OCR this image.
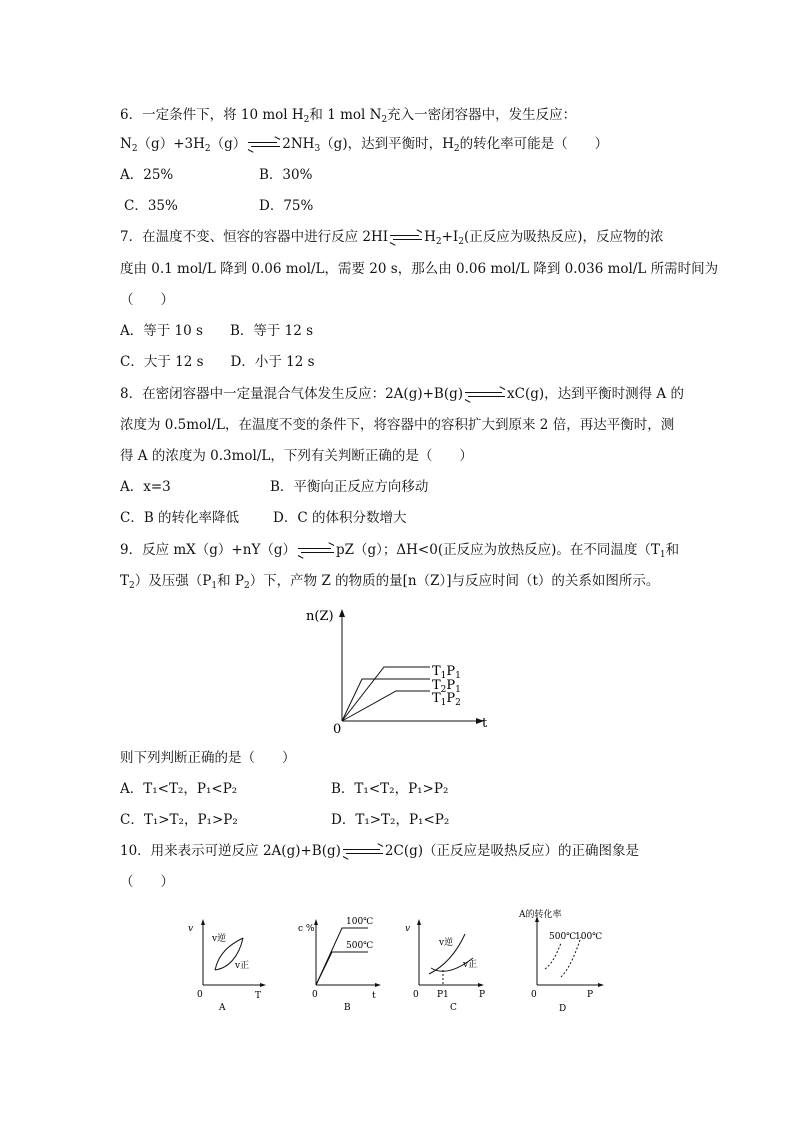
6．一定条件下，将 10 mol $H_2$和 1 mol $N_2$充入一密闭容器中，发生反应：
$N_2(g)+3H_2(g)$	$2NH_3(g)$，达到平衡时，$H_2$的转化率可能是（　　）
A．25%	B．30%
C．35%	D．75%
7．在温度不变、恒容的容器中进行反应 2HI	$H_2+I_2$(正反应为吸热反应)，反应物的浓
度由 0.1 mol/L 降到 0.06 mol/L，需要 20 s，那么由 0.06 mol/L 降到 0.036 mol/L 所需时间为
（　　）
A．等于 10 s　　B．等于 12 s
C．大于 12 s　　D．小于 12 s
8．在密闭容器中一定量混合气体发生反应：2A(g)+B(g)	xC(g)，达到平衡时测得 A 的
浓度为 0.5mol/L，在温度不变的条件下，将容器中的容积扩大到原来 2 倍，再达平衡时，测
得 A 的浓度为 0.3mol/L，下列有关判断正确的是（　　）
A．x=3	B．平衡向正反应方向移动
C．B 的转化率降低	D．C 的体积分数增大
9．反应 mX（g）+nY（g）	pZ（g）；ΔH<0(正反应为放热反应)。在不同温度（$T_1$和
$T_2$）及压强（$P_1$和 $P_2$）下，产物 Z 的物质的量[n（Z）]与反应时间（t）的关系如图所示。
n(Z)
t
0
$T_1P_1$
$T_2P_1$
$T_1P_2$
则下列判断正确的是（　　）
A．T₁<T₂，P₁<P₂	B．T₁<T₂，P₁>P₂
C．T₁>T₂，P₁>P₂	D．T₁>T₂，P₁<P₂
10．用来表示可逆反应 2A(g)+B(g)	2C(g)（正反应是吸热反应）的正确图象是
（　　）
v
v逆
v正
0	T
A
c %
100℃
500℃
0	t
B
v
v逆
v正
0 P1	P
C
A的转化率
500℃
100℃
0	P
D
